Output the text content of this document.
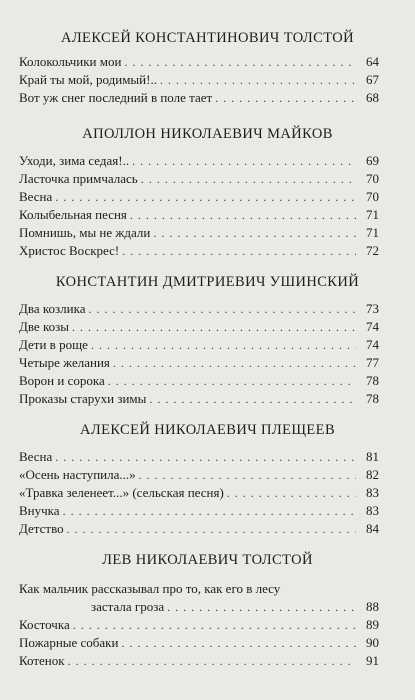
АЛЕКСЕЙ КОНСТАНТИНОВИЧ ТОЛСТОЙ
Колокольчики мои . . .	64
Край ты мой, родимый!.. . . .	67
Вот уж снег последний в поле тает . . .	68
АПОЛЛОН НИКОЛАЕВИЧ МАЙКОВ
Уходи, зима седая!.. . . .	69
Ласточка примчалась . . .	70
Весна . . .	70
Колыбельная песня . . .	71
Помнишь, мы не ждали . . .	71
Христос Воскрес! . . .	72
КОНСТАНТИН ДМИТРИЕВИЧ УШИНСКИЙ
Два козлика . . .	73
Две козы . . .	74
Дети в роще . . .	74
Четыре желания . . .	77
Ворон и сорока . . .	78
Проказы старухи зимы . . .	78
АЛЕКСЕЙ НИКОЛАЕВИЧ ПЛЕЩЕЕВ
Весна . . .	81
«Осень наступила...» . . .	82
«Травка зеленеет...» (сельская песня) . . .	83
Внучка . . .	83
Детство . . .	84
ЛЕВ НИКОЛАЕВИЧ ТОЛСТОЙ
Как мальчик рассказывал про то, как его в лесу
застала гроза . . .	88
Косточка . . .	89
Пожарные собаки . . .	90
Котенок . . .	91
